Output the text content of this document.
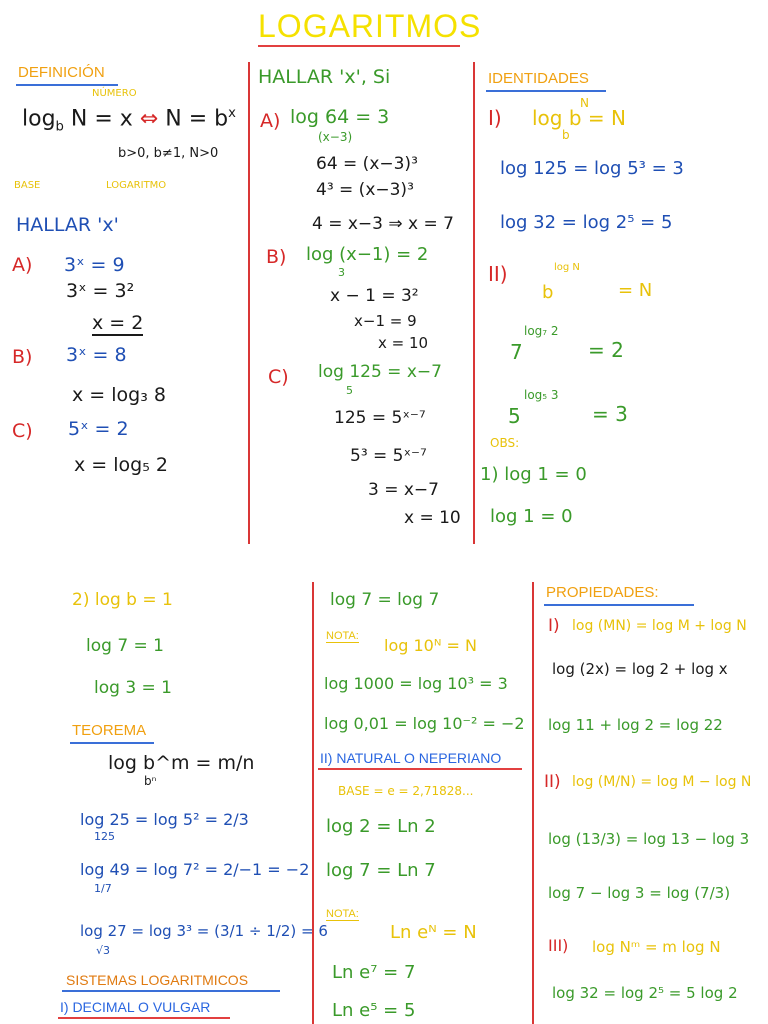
LOGARITMOS
DEFINICIÓN
NÚMERO
$\log_b N = x$ ⇔ $N = b^x$
b>0, b≠1, N>0
BASE	LOGARITMO
HALLAR 'x'
A) 3ˣ = 9
3ˣ = 3²
x = 2
B) 3ˣ = 8
x = log₃ 8
C) 5ˣ = 2
x = log₅ 2
HALLAR 'x', Si
A) log 64 = 3
(x−3)
64 = (x−3)³
4³ = (x−3)³
4 = x−3 ⇒ x = 7
B) log (x−1) = 2
3
x − 1 = 3²
x−1 = 9
x = 10
C) log 125 = x−7
5
125 = 5ˣ⁻⁷
5³ = 5ˣ⁻⁷
3 = x−7
x = 10
IDENTIDADES
I) log b = N
N
b
log 125 = log 5³ = 3
log 32 = log 2⁵ = 5
II)	log N
b	= N
7
log₇ 2
= 2
5
log₅ 3
= 3
OBS:
1) log 1 = 0
log 1 = 0
2) log b = 1
log 7 = 1
log 3 = 1
TEOREMA
log b^m = m/n
bⁿ
log 25 = log 5² = 2/3
125
log 49 = log 7² = 2/−1 = −2
1/7
log 27 = log 3³ = (3/1 ÷ 1/2) = 6
√3
SISTEMAS LOGARITMICOS
I) DECIMAL O VULGAR
log 7 = log 7
NOTA: log 10ᴺ = N
log 1000 = log 10³ = 3
log 0,01 = log 10⁻² = −2
II) NATURAL O NEPERIANO
BASE = e = 2,71828...
log 2 = Ln 2
log 7 = Ln 7
NOTA:
Ln eᴺ = N
Ln e⁷ = 7
Ln e⁵ = 5
PROPIEDADES:
I) log (MN) = log M + log N
log (2x) = log 2 + log x
log 11 + log 2 = log 22
II) log (M/N) = log M − log N
log (13/3) = log 13 − log 3
log 7 − log 3 = log (7/3)
III) log Nᵐ = m log N
log 32 = log 2⁵ = 5 log 2
